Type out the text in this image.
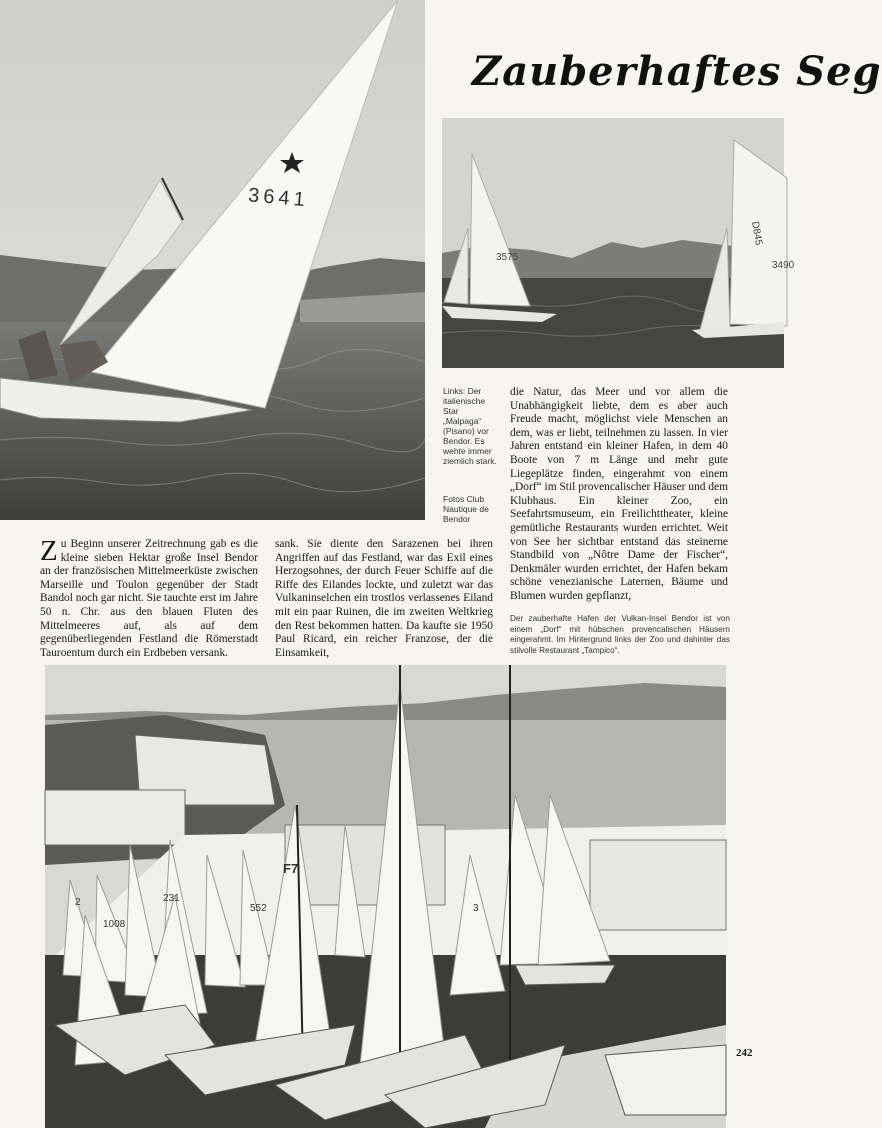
Zauberhaftes Seg
3641
3575
D845
3490

Links: Der italienische Star „Malpaga“ (Pisano) vor Bendor. Es wehte immer ziemlich stark.

Fotos Club Nautique de Bendor

Zu Beginn unserer Zeitrechnung gab es die kleine sieben Hektar große Insel Bendor an der französischen Mittelmeerküste zwischen Marseille und Toulon gegenüber der Stadt Bandol noch gar nicht. Sie tauchte erst im Jahre 50 n. Chr. aus den blauen Fluten des Mittelmeeres auf, als auf dem gegenüberliegenden Festland die Römerstadt Tauroentum durch ein Erdbeben versank.

sank. Sie diente den Sarazenen bei ihren Angriffen auf das Festland, war das Exil eines Herzogsohnes, der durch Feuer Schiffe auf die Riffe des Eilandes lockte, und zuletzt war das Vulkaninselchen ein trostlos verlassenes Eiland mit ein paar Ruinen, die im zweiten Weltkrieg den Rest bekommen hatten. Da kaufte sie 1950 Paul Ricard, ein reicher Franzose, der die Einsamkeit,

die Natur, das Meer und vor allem die Unabhängigkeit liebte, dem es aber auch Freude macht, möglichst viele Menschen an dem, was er liebt, teilnehmen zu lassen. In vier Jahren entstand ein kleiner Hafen, in dem 40 Boote von 7 m Länge und mehr gute Liegeplätze finden, eingerahmt von einem „Dorf“ im Stil provencalischer Häuser und dem Klubhaus. Ein kleiner Zoo, ein Seefahrtsmuseum, ein Freilichttheater, kleine gemütliche Restaurants wurden errichtet. Weit von See her sichtbar entstand das steinerne Standbild von „Nôtre Dame der Fischer“, Denkmäler wurden errichtet, der Hafen bekam schöne venezianische Laternen, Bäume und Blumen wurden gepflanzt,

Der zauberhafte Hafen der Vulkan-Insel Bendor ist von einem „Dorf“ mit hübschen provencalischen Häusern eingerahmt. Im Hintergrund links der Zoo und dahinter das stilvolle Restaurant „Tampico“.

2
1008
231
552
F7
3
242
